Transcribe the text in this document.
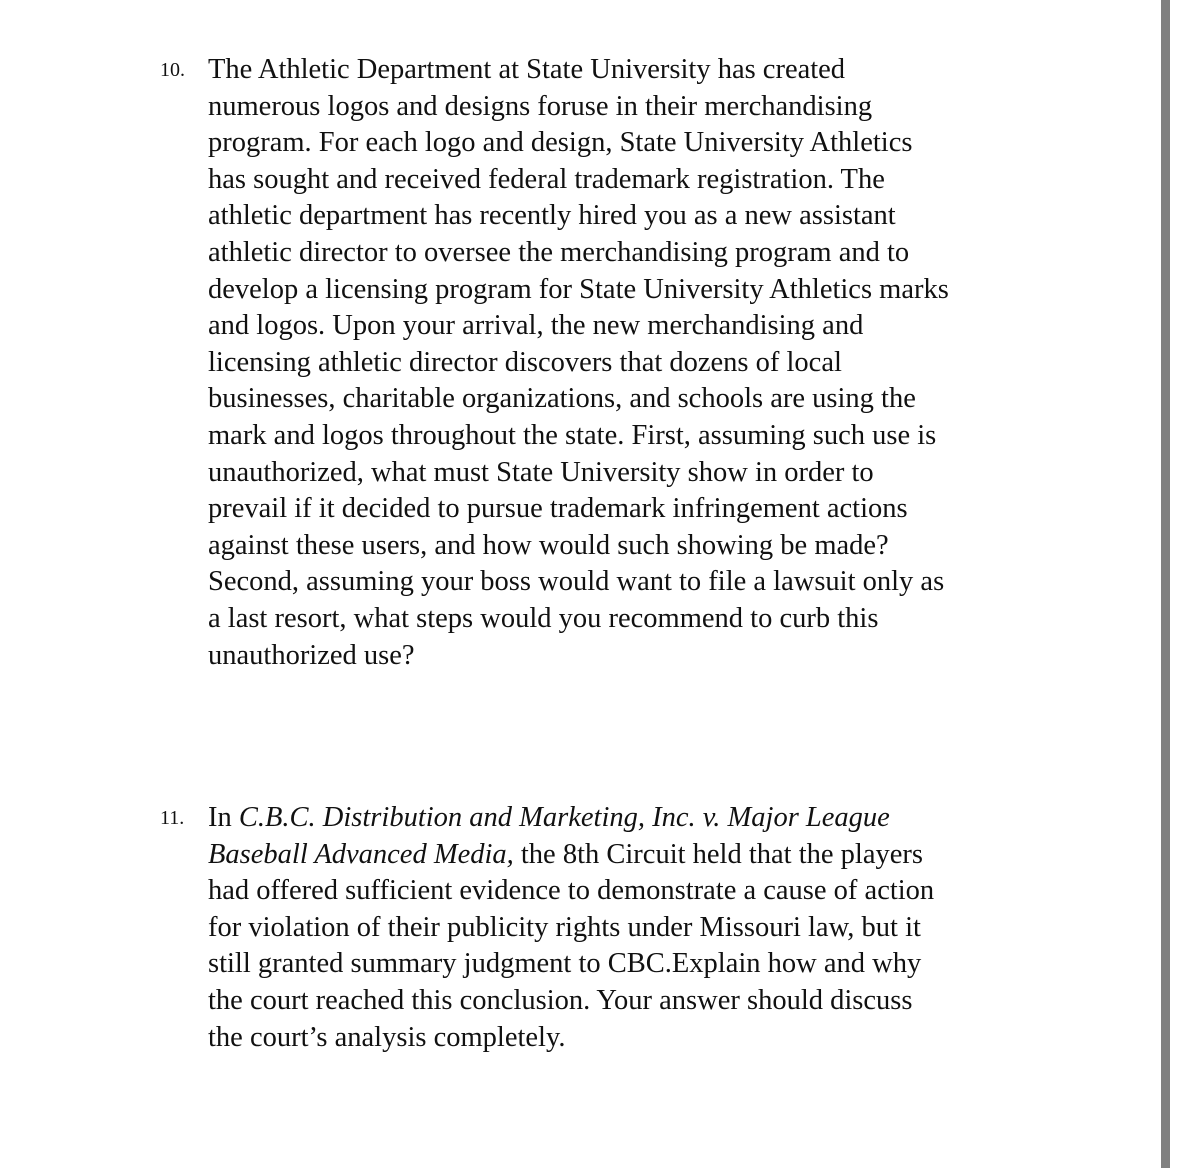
10. The Athletic Department at State University has created
numerous logos and designs foruse in their merchandising
program. For each logo and design, State University Athletics
has sought and received federal trademark registration. The
athletic department has recently hired you as a new assistant
athletic director to oversee the merchandising program and to
develop a licensing program for State University Athletics marks
and logos. Upon your arrival, the new merchandising and
licensing athletic director discovers that dozens of local
businesses, charitable organizations, and schools are using the
mark and logos throughout the state. First, assuming such use is
unauthorized, what must State University show in order to
prevail if it decided to pursue trademark infringement actions
against these users, and how would such showing be made?
Second, assuming your boss would want to file a lawsuit only as
a last resort, what steps would you recommend to curb this
unauthorized use?
11. In C.B.C. Distribution and Marketing, Inc. v. Major League
Baseball Advanced Media, the 8th Circuit held that the players
had offered sufficient evidence to demonstrate a cause of action
for violation of their publicity rights under Missouri law, but it
still granted summary judgment to CBC.Explain how and why
the court reached this conclusion. Your answer should discuss
the court’s analysis completely.
